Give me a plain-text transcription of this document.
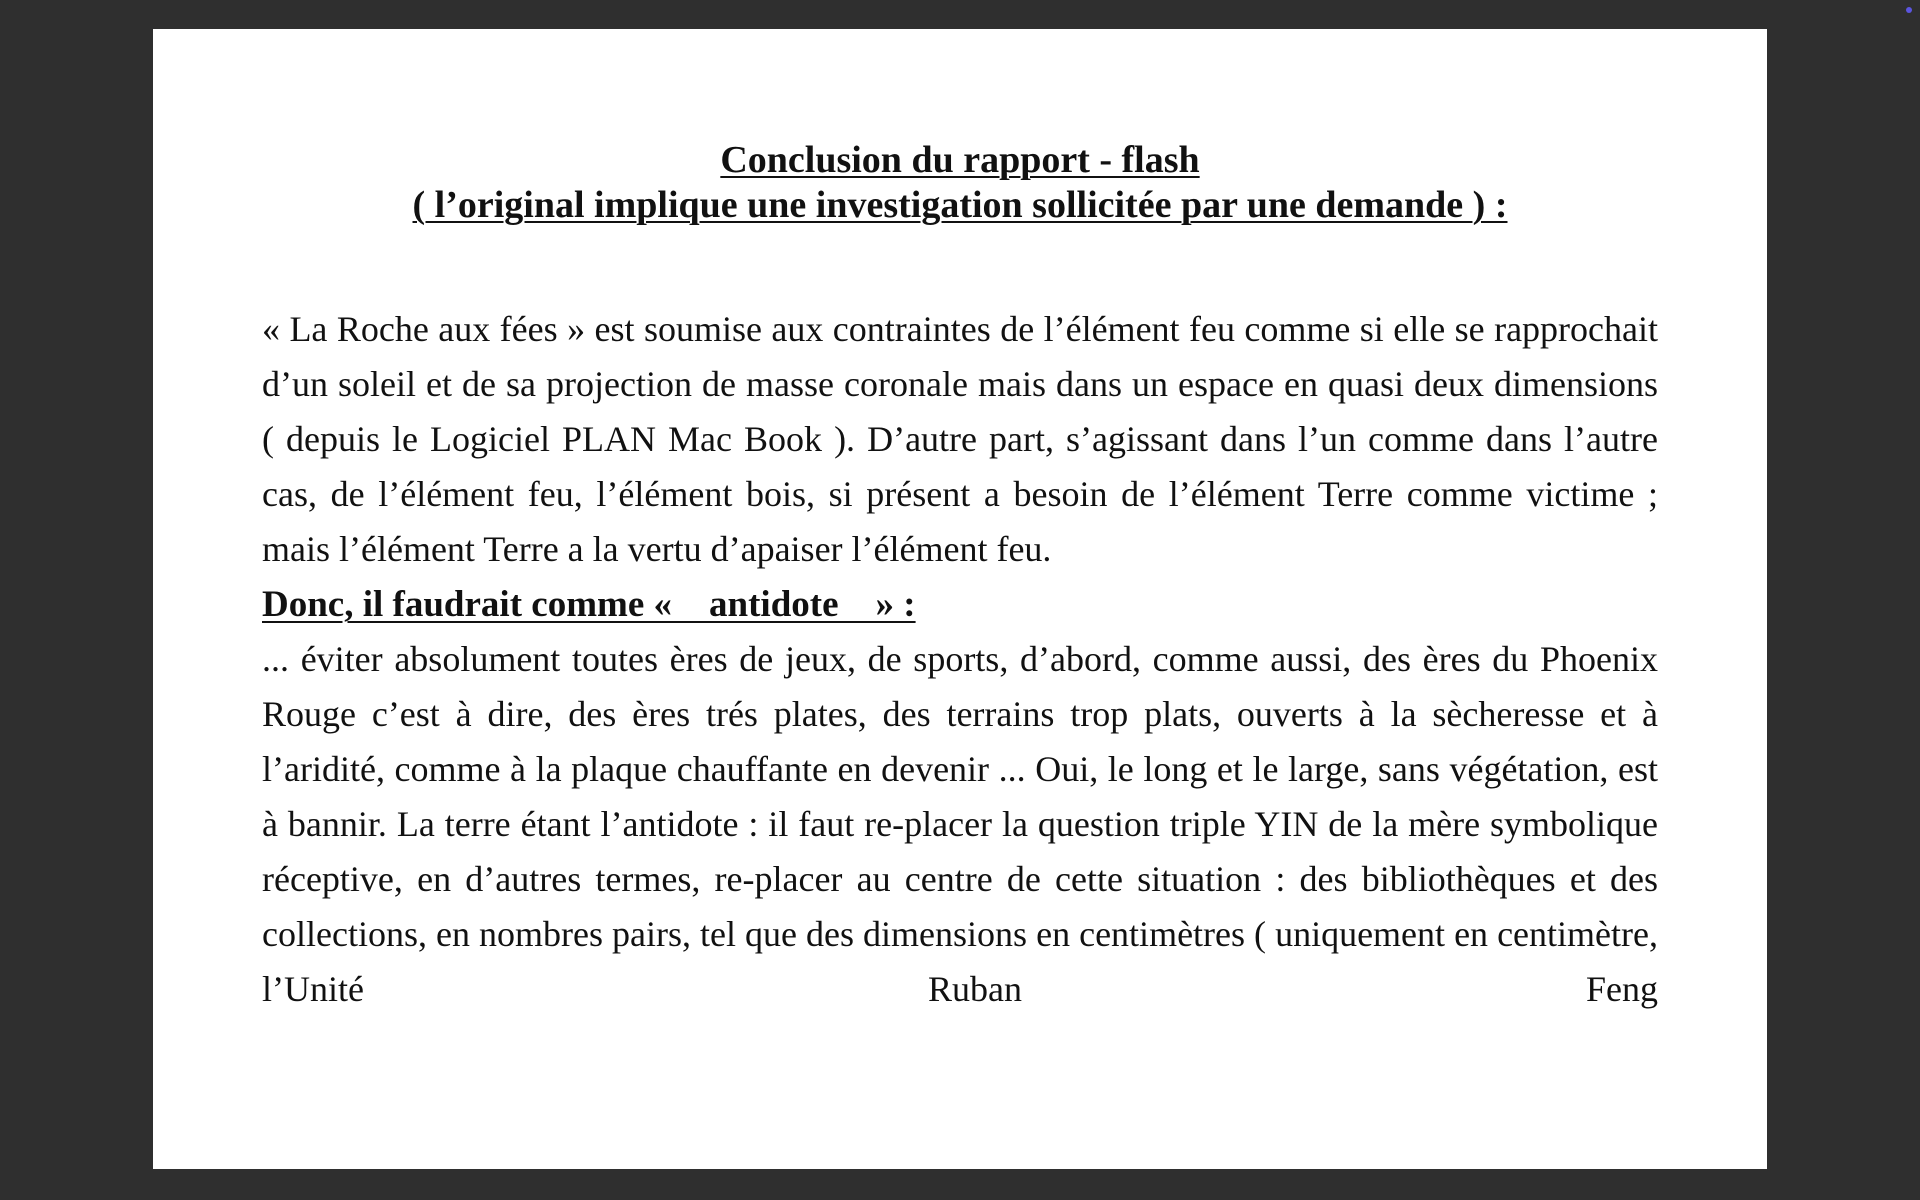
Conclusion du rapport - flash
( l’original implique une investigation sollicitée par une demande ) :

« La Roche aux fées » est soumise aux contraintes de l’élément feu comme si elle se rapprochait d’un soleil et de sa projection de masse coronale mais dans un espace en quasi deux dimensions ( depuis le Logiciel PLAN Mac Book ). D’autre part, s’agissant dans l’un comme dans l’autre cas, de l’élément feu, l’élément bois, si présent a besoin de l’élément Terre comme victime ; mais l’élément Terre a la vertu d’apaiser l’élément feu.

Donc, il faudrait comme «    antidote    » :

... éviter absolument toutes ères de jeux, de sports, d’abord, comme aussi, des ères du Phoenix Rouge c’est à dire, des ères trés plates, des terrains trop plats, ouverts à la sècheresse et à l’aridité, comme à la plaque chauffante en devenir ... Oui, le long et le large, sans végétation, est à bannir. La terre étant l’antidote : il faut re-placer la question triple YIN de la mère symbolique réceptive, en d’autres termes, re-placer au centre de cette situation : des bibliothèques et des collections, en nombres pairs, tel que des dimensions en centimètres ( uniquement en centimètre, l’Unité Ruban Feng
